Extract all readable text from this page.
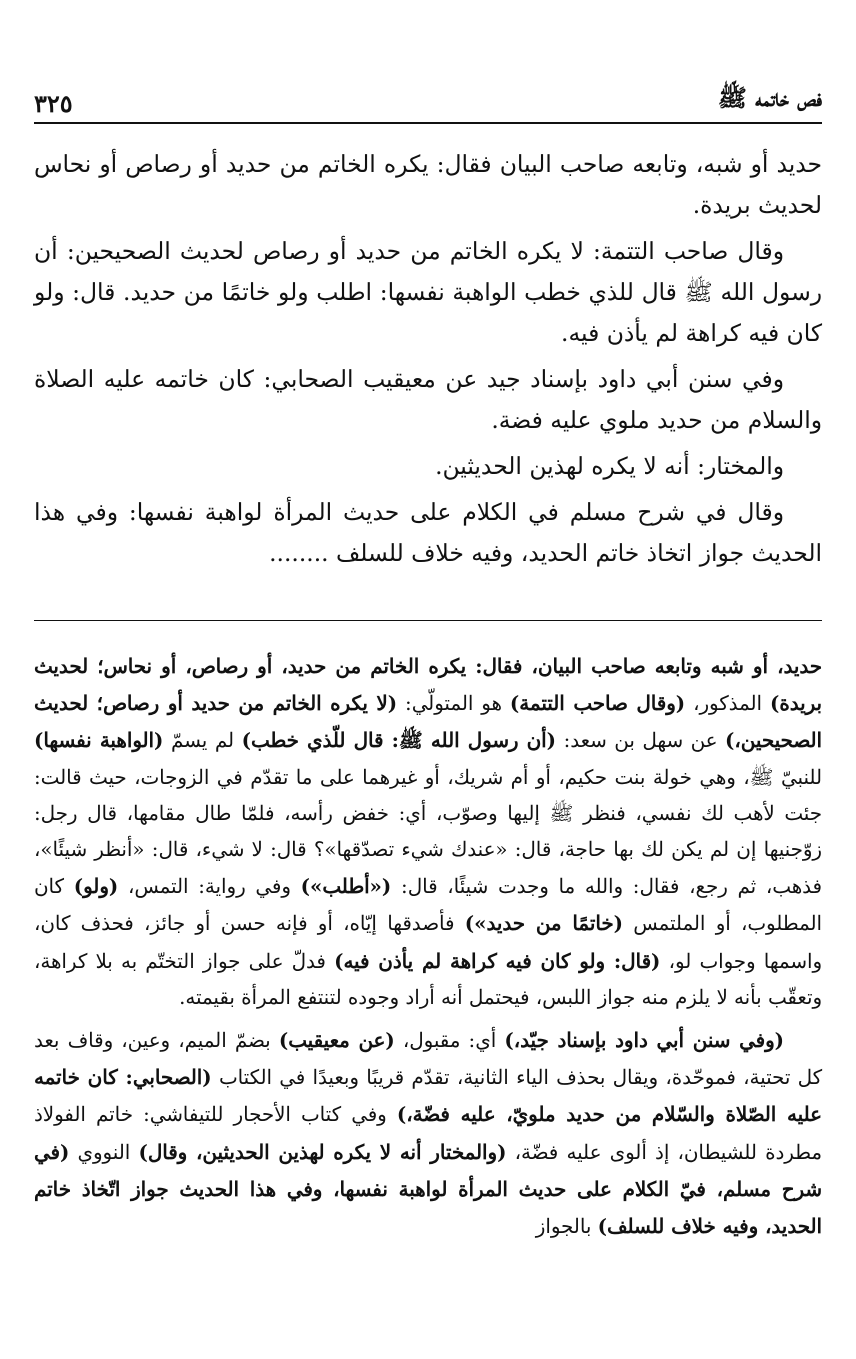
فص خاتمه ﷺ
٣٢٥

حديد أو شبه، وتابعه صاحب البيان فقال: يكره الخاتم من حديد أو رصاص أو نحاس لحديث بريدة.

وقال صاحب التتمة: لا يكره الخاتم من حديد أو رصاص لحديث الصحيحين: أن رسول الله ﷺ قال للذي خطب الواهبة نفسها: اطلب ولو خاتمًا من حديد. قال: ولو كان فيه كراهة لم يأذن فيه.

وفي سنن أبي داود بإسناد جيد عن معيقيب الصحابي: كان خاتمه عليه الصلاة والسلام من حديد ملوي عليه فضة.

والمختار: أنه لا يكره لهذين الحديثين.

وقال في شرح مسلم في الكلام على حديث المرأة لواهبة نفسها: وفي هذا الحديث جواز اتخاذ خاتم الحديد، وفيه خلاف للسلف ........

حديد، أو شبه وتابعه صاحب البيان، فقال: يكره الخاتم من حديد، أو رصاص، أو نحاس؛ لحديث بريدة) المذكور، (وقال صاحب التتمة) هو المتولّي: (لا يكره الخاتم من حديد أو رصاص؛ لحديث الصحيحين،) عن سهل بن سعد: (أن رسول الله ﷺ: قال للّذي خطب) لم يسمّ (الواهبة نفسها) للنبيّ ﷺ، وهي خولة بنت حكيم، أو أم شريك، أو غيرهما على ما تقدّم في الزوجات، حيث قالت: جئت لأهب لك نفسي، فنظر ﷺ إليها وصوّب، أي: خفض رأسه، فلمّا طال مقامها، قال رجل: زوّجنيها إن لم يكن لك بها حاجة، قال: «عندك شيء تصدّقها»؟ قال: لا شيء، قال: «أنظر شيئًا»، فذهب، ثم رجع، فقال: والله ما وجدت شيئًا، قال: («أطلب») وفي رواية: التمس، (ولو) كان المطلوب، أو الملتمس (خاتمًا من حديد») فأصدقها إيّاه، أو فإنه حسن أو جائز، فحذف كان، واسمها وجواب لو، (قال: ولو كان فيه كراهة لم يأذن فيه) فدلّ على جواز التختّم به بلا كراهة، وتعقّب بأنه لا يلزم منه جواز اللبس، فيحتمل أنه أراد وجوده لتنتفع المرأة بقيمته.

(وفي سنن أبي داود بإسناد جيّد،) أي: مقبول، (عن معيقيب) بضمّ الميم، وعين، وقاف بعد كل تحتية، فموحّدة، ويقال بحذف الياء الثانية، تقدّم قريبًا وبعيدًا في الكتاب (الصحابي: كان خاتمه عليه الصّلاة والسّلام من حديد ملويّ، عليه فضّة،) وفي كتاب الأحجار للتيفاشي: خاتم الفولاذ مطردة للشيطان، إذ ألوى عليه فضّة، (والمختار أنه لا يكره لهذين الحديثين، وقال) النووي (في شرح مسلم، فيّ الكلام على حديث المرأة لواهبة نفسها، وفي هذا الحديث جواز اتّخاذ خاتم الحديد، وفيه خلاف للسلف) بالجواز
